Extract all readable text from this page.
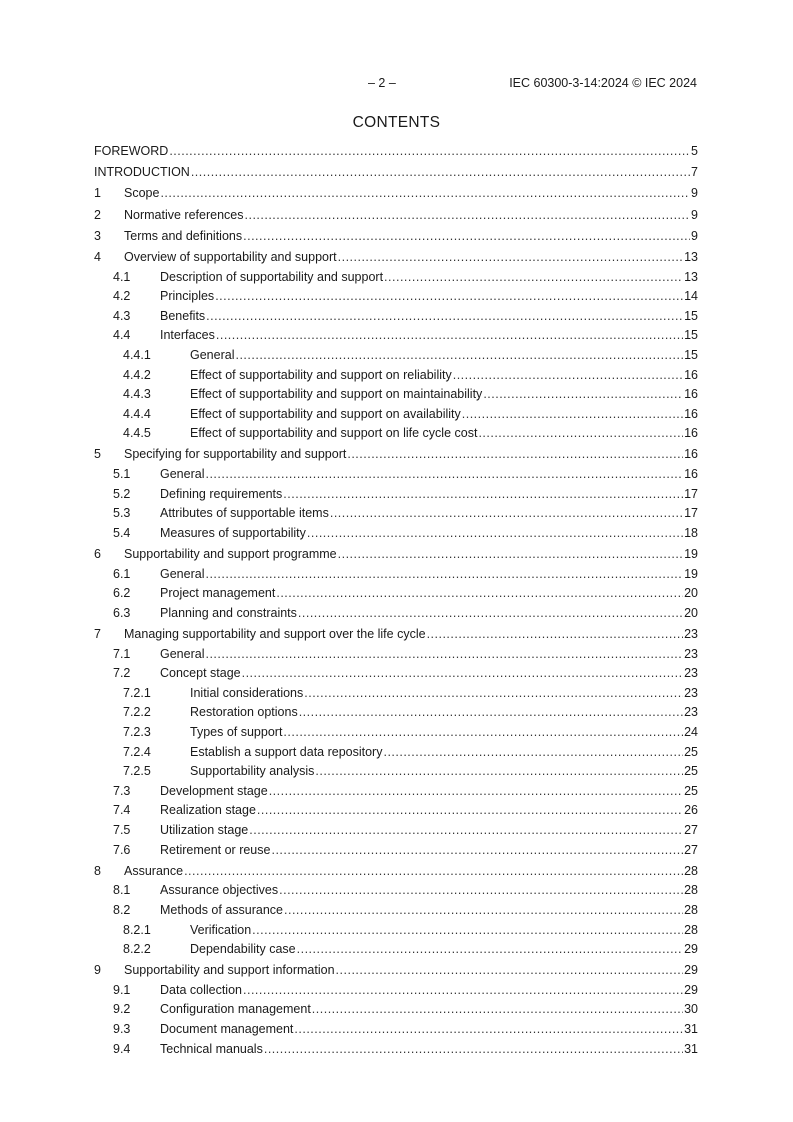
– 2 –	IEC 60300-3-14:2024 © IEC 2024
CONTENTS
FOREWORD .....	5
INTRODUCTION .....	7
1	Scope .....	9
2	Normative references .....	9
3	Terms and definitions .....	9
4	Overview of supportability and support .....	13
4.1	Description of supportability and support .....	13
4.2	Principles .....	14
4.3	Benefits .....	15
4.4	Interfaces .....	15
4.4.1	General .....	15
4.4.2	Effect of supportability and support on reliability .....	16
4.4.3	Effect of supportability and support on maintainability .....	16
4.4.4	Effect of supportability and support on availability .....	16
4.4.5	Effect of supportability and support on life cycle cost .....	16
5	Specifying for supportability and support .....	16
5.1	General .....	16
5.2	Defining requirements .....	17
5.3	Attributes of supportable items .....	17
5.4	Measures of supportability .....	18
6	Supportability and support programme .....	19
6.1	General .....	19
6.2	Project management .....	20
6.3	Planning and constraints .....	20
7	Managing supportability and support over the life cycle .....	23
7.1	General .....	23
7.2	Concept stage .....	23
7.2.1	Initial considerations .....	23
7.2.2	Restoration options .....	23
7.2.3	Types of support .....	24
7.2.4	Establish a support data repository .....	25
7.2.5	Supportability analysis .....	25
7.3	Development stage .....	25
7.4	Realization stage .....	26
7.5	Utilization stage .....	27
7.6	Retirement or reuse .....	27
8	Assurance .....	28
8.1	Assurance objectives .....	28
8.2	Methods of assurance .....	28
8.2.1	Verification .....	28
8.2.2	Dependability case .....	29
9	Supportability and support information .....	29
9.1	Data collection .....	29
9.2	Configuration management .....	30
9.3	Document management .....	31
9.4	Technical manuals .....	31
